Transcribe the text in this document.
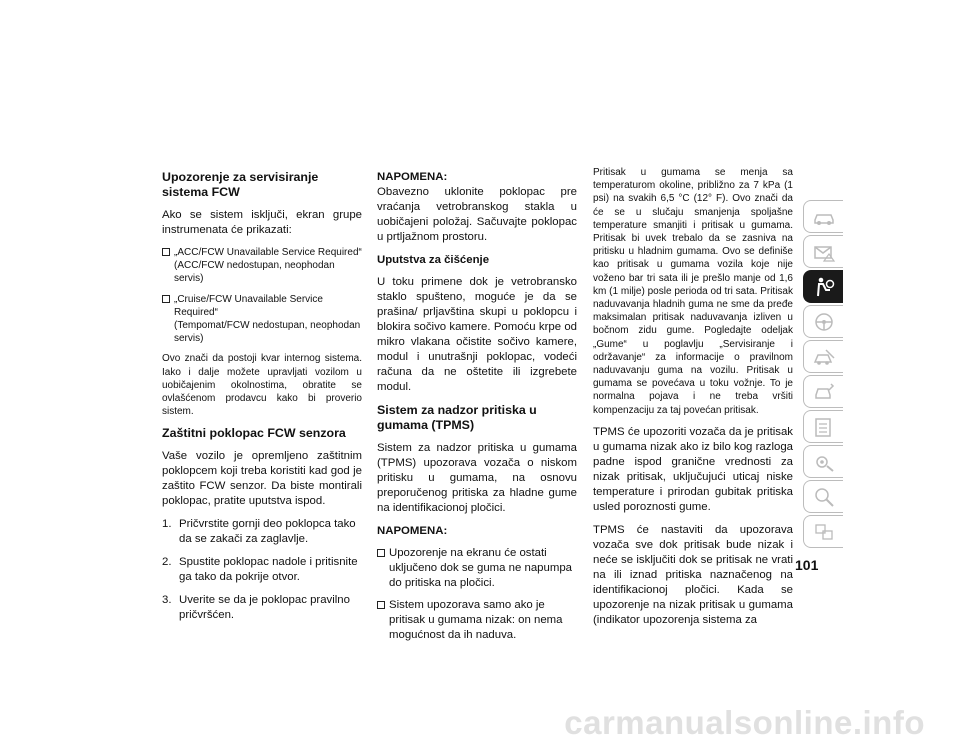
Upozorenje za servisiranje sistema FCW

Ako se sistem isključi, ekran grupe instrumenata će prikazati:

„ACC/FCW Unavailable Service Required“
(ACC/FCW nedostupan, neophodan servis)
„Cruise/FCW Unavailable Service Required“
(Tempomat/FCW nedostupan, neophodan servis)

Ovo znači da postoji kvar internog sistema. Iako i dalje možete upravljati vozilom u uobičajenim okolnostima, obratite se ovlašćenom prodavcu kako bi proverio sistem.

Zaštitni poklopac FCW senzora

Vaše vozilo je opremljeno zaštitnim poklopcem koji treba koristiti kad god je zaštito FCW senzor. Da biste montirali poklopac, pratite uputstva ispod.

1. Pričvrstite gornji deo poklopca tako da se zakači za zaglavlje.
2. Spustite poklopac nadole i pritisnite ga tako da pokrije otvor.
3. Uverite se da je poklopac pravilno pričvršćen.

NAPOMENA:

Obavezno uklonite poklopac pre vraćanja vetrobranskog stakla u uobičajeni položaj. Sačuvajte poklopac u prtljažnom prostoru.

Uputstva za čišćenje

U toku primene dok je vetrobransko staklo spušteno, moguće je da se prašina/ prljavština skupi u poklopcu i blokira sočivo kamere. Pomoću krpe od mikro vlakana očistite sočivo kamere, modul i unutrašnji poklopac, vodeći računa da ne oštetite ili izgrebete modul.

Sistem za nadzor pritiska u gumama (TPMS)

Sistem za nadzor pritiska u gumama (TPMS) upozorava vozača o niskom pritisku u gumama, na osnovu preporučenog pritiska za hladne gume na identifikacionoj pločici.

NAPOMENA:

Upozorenje na ekranu će ostati uključeno dok se guma ne napumpa do pritiska na pločici.
Sistem upozorava samo ako je pritisak u gumama nizak: on nema mogućnost da ih naduva.

Pritisak u gumama se menja sa temperaturom okoline, približno za 7 kPa (1 psi) na svakih 6,5 °C (12° F). Ovo znači da će se u slučaju smanjenja spoljašne temperature smanjiti i pritisak u gumama. Pritisak bi uvek trebalo da se zasniva na pritisku u hladnim gumama. Ovo se definiše kao pritisak u gumama vozila koje nije voženo bar tri sata ili je prešlo manje od 1,6 km (1 milje) posle perioda od tri sata. Pritisak naduvavanja hladnih guma ne sme da pređe maksimalan pritisak naduvavanja izliven u bočnom zidu gume. Pogledajte odeljak „Gume“ u poglavlju „Servisiranje i održavanje“ za informacije o pravilnom naduvavanju guma na vozilu. Pritisak u gumama se povećava u toku vožnje. To je normalna pojava i ne treba vršiti kompenzaciju za taj povećan pritisak.

TPMS će upozoriti vozača da je pritisak u gumama nizak ako iz bilo kog razloga padne ispod granične vrednosti za nizak pritisak, uključujući uticaj niske temperature i prirodan gubitak pritiska usled poroznosti gume.

TPMS će nastaviti da upozorava vozača sve dok pritisak bude nizak i neće se isključiti dok se pritisak ne vrati na ili iznad pritiska naznačenog na identifikacionoj pločici. Kada se upozorenje na nizak pritisak u gumama (indikator upozorenja sistema za

101
carmanualsonline.info
